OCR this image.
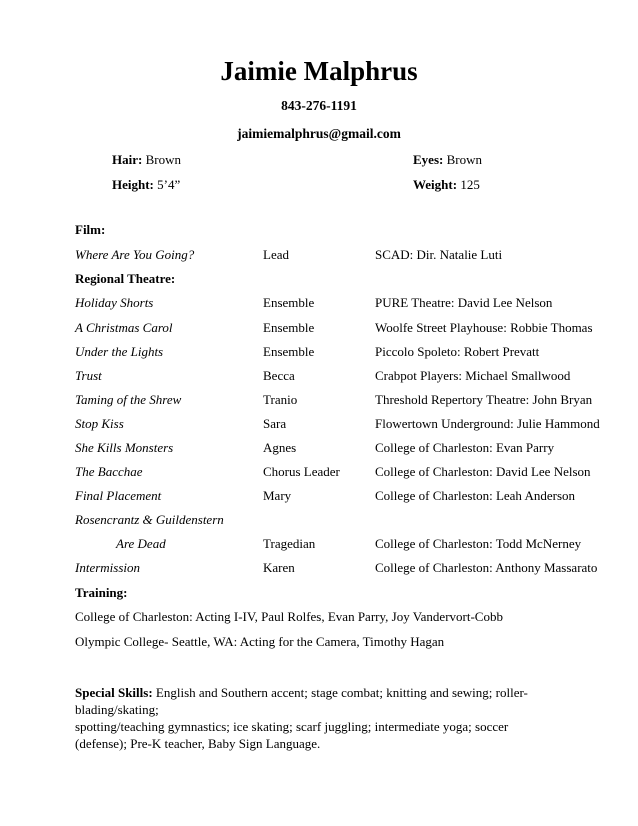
Jaimie Malphrus
843-276-1191
jaimiemalphrus@gmail.com
Hair: Brown	Eyes: Brown
Height: 5’4”	Weight: 125
Film:
Where Are You Going?	Lead	SCAD: Dir. Natalie Luti
Regional Theatre:
Holiday Shorts	Ensemble	PURE Theatre: David Lee Nelson
A Christmas Carol	Ensemble	Woolfe Street Playhouse: Robbie Thomas
Under the Lights	Ensemble	Piccolo Spoleto: Robert Prevatt
Trust	Becca	Crabpot Players: Michael Smallwood
Taming of the Shrew	Tranio	Threshold Repertory Theatre: John Bryan
Stop Kiss	Sara	Flowertown Underground: Julie Hammond
She Kills Monsters	Agnes	College of Charleston: Evan Parry
The Bacchae	Chorus Leader	College of Charleston: David Lee Nelson
Final Placement	Mary	College of Charleston: Leah Anderson
Rosencrantz & Guildenstern
Are Dead	Tragedian	College of Charleston: Todd McNerney
Intermission	Karen	College of Charleston: Anthony Massarato
Training:
College of Charleston: Acting I-IV, Paul Rolfes, Evan Parry, Joy Vandervort-Cobb
Olympic College- Seattle, WA: Acting for the Camera, Timothy Hagan
Special Skills: English and Southern accent; stage combat; knitting and sewing; roller-blading/skating;
spotting/teaching gymnastics; ice skating; scarf juggling; intermediate yoga; soccer
(defense); Pre-K teacher, Baby Sign Language.
